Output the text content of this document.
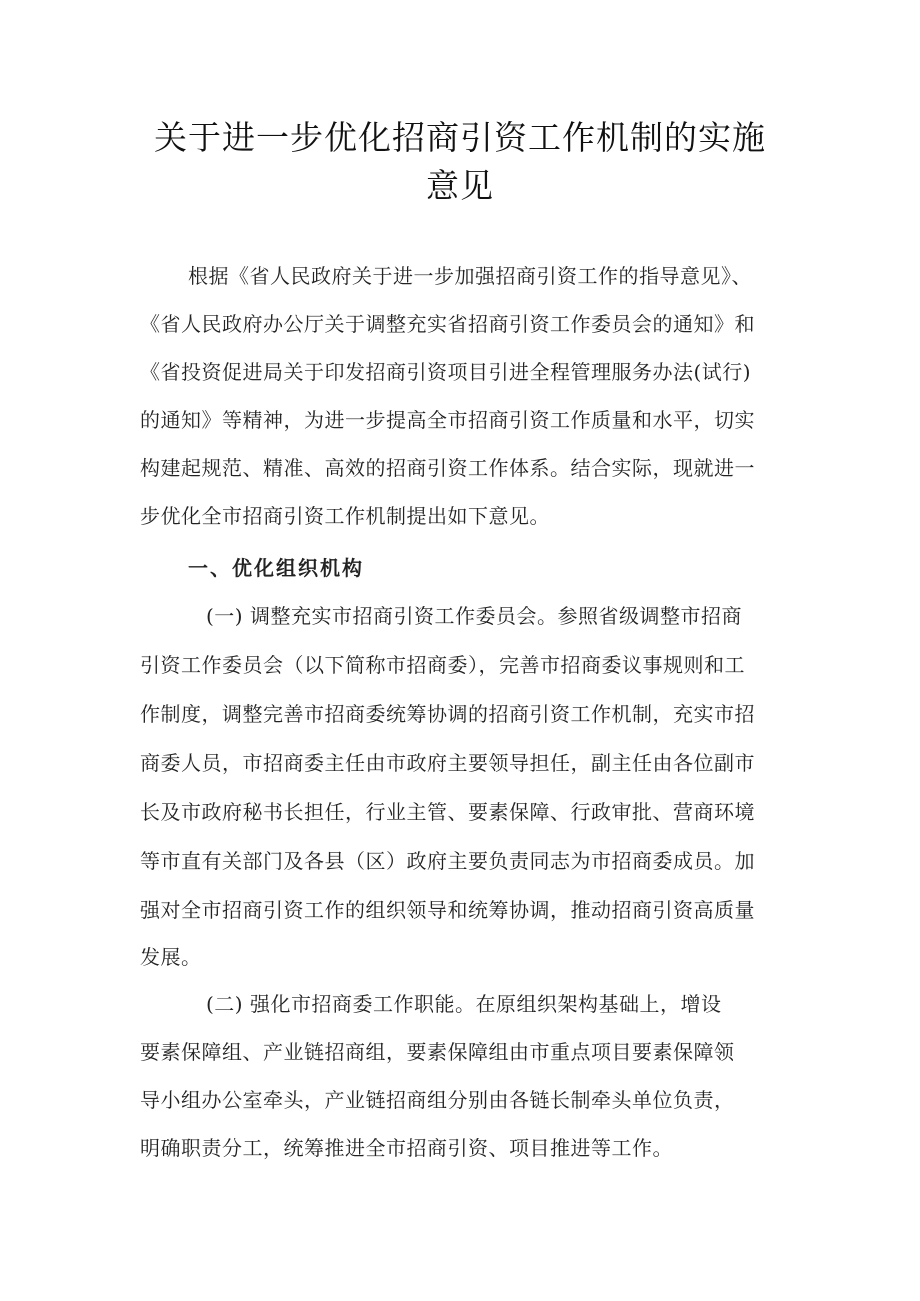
关于进一步优化招商引资工作机制的实施
意见
根据《省人民政府关于进一步加强招商引资工作的指导意见》、
《省人民政府办公厅关于调整充实省招商引资工作委员会的通知》和
《省投资促进局关于印发招商引资项目引进全程管理服务办法(试行)
的通知》等精神，为进一步提高全市招商引资工作质量和水平，切实
构建起规范、精准、高效的招商引资工作体系。结合实际，现就进一
步优化全市招商引资工作机制提出如下意见。
一、优化组织机构
(一) 调整充实市招商引资工作委员会。参照省级调整市招商
引资工作委员会（以下简称市招商委），完善市招商委议事规则和工
作制度，调整完善市招商委统筹协调的招商引资工作机制，充实市招
商委人员，市招商委主任由市政府主要领导担任，副主任由各位副市
长及市政府秘书长担任，行业主管、要素保障、行政审批、营商环境
等市直有关部门及各县（区）政府主要负责同志为市招商委成员。加
强对全市招商引资工作的组织领导和统筹协调，推动招商引资高质量
发展。
(二) 强化市招商委工作职能。在原组织架构基础上，增设
要素保障组、产业链招商组，要素保障组由市重点项目要素保障领
导小组办公室牵头，产业链招商组分别由各链长制牵头单位负责，
明确职责分工，统筹推进全市招商引资、项目推进等工作。
